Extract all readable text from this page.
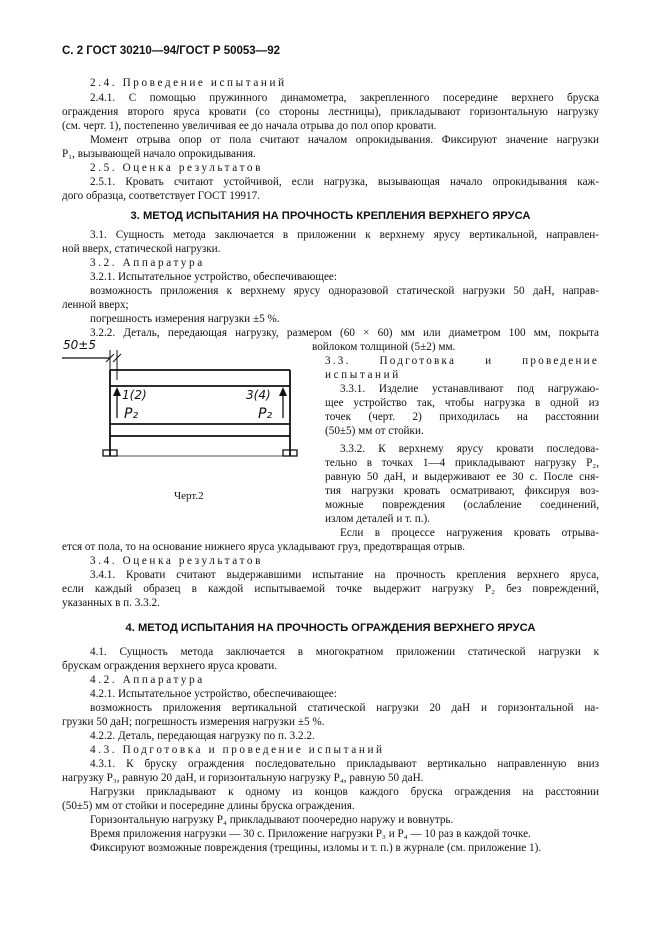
С. 2 ГОСТ 30210—94/ГОСТ Р 50053—92
2.4. Проведение испытаний
2.4.1. С помощью пружинного динамометра, закрепленного посередине верхнего бруска
ограждения второго яруса кровати (со стороны лестницы), прикладывают горизонтальную нагрузку
(см. черт. 1), постепенно увеличивая ее до начала отрыва до пол опор кровати.
Момент отрыва опор от пола считают началом опрокидывания. Фиксируют значение нагрузки
P₁, вызывающей начало опрокидывания.
2.5. Оценка результатов
2.5.1. Кровать считают устойчивой, если нагрузка, вызывающая начало опрокидывания каж-
дого образца, соответствует ГОСТ 19917.
3. МЕТОД ИСПЫТАНИЯ НА ПРОЧНОСТЬ КРЕПЛЕНИЯ ВЕРХНЕГО ЯРУСА
3.1. Сущность метода заключается в приложении к верхнему ярусу вертикальной, направлен-
ной вверх, статической нагрузки.
3.2. Аппаратура
3.2.1. Испытательное устройство, обеспечивающее:
возможность приложения к верхнему ярусу одноразовой статической нагрузки 50 даН, направ-
ленной вверх;
погрешность измерения нагрузки ±5 %.
3.2.2. Деталь, передающая нагрузку, размером (60 × 60) мм или диаметром 100 мм, покрыта
войлоком толщиной (5±2) мм.
3.3. Подготовка и проведение
испытаний
3.3.1. Изделие устанавливают под нагружаю-
щее устройство так, чтобы нагрузка в одной из
точек (черт. 2) приходилась на расстоянии
(50±5) мм от стойки.
3.3.2. К верхнему ярусу кровати последова-
тельно в точках 1—4 прикладывают нагрузку P₂,
равную 50 даН, и выдерживают ее 30 с. После сня-
тия нагрузки кровать осматривают, фиксируя воз-
можные повреждения (ослабление соединений,
излом деталей и т. п.).
Если в процессе нагружения кровать отрыва-
ется от пола, то на основание нижнего яруса укладывают груз, предотвращая отрыв.
3.4. Оценка результатов
3.4.1. Кровати считают выдержавшими испытание на прочность крепления верхнего яруса,
если каждый образец в каждой испытываемой точке выдержит нагрузку P₂ без повреждений,
указанных в п. 3.3.2.
4. МЕТОД ИСПЫТАНИЯ НА ПРОЧНОСТЬ ОГРАЖДЕНИЯ ВЕРХНЕГО ЯРУСА
4.1. Сущность метода заключается в многократном приложении статической нагрузки к
брускам ограждения верхнего яруса кровати.
4.2. Аппаратура
4.2.1. Испытательное устройство, обеспечивающее:
возможность приложения вертикальной статической нагрузки 20 даН и горизонтальной на-
грузки 50 даН; погрешность измерения нагрузки ±5 %.
4.2.2. Деталь, передающая нагрузку по п. 3.2.2.
4.3. Подготовка и проведение испытаний
4.3.1. К бруску ограждения последовательно прикладывают вертикально направленную вниз
нагрузку P₃, равную 20 даН, и горизонтальную нагрузку P₄, равную 50 даН.
Нагрузки прикладывают к одному из концов каждого бруска ограждения на расстоянии
(50±5) мм от стойки и посередине длины бруска ограждения.
Горизонтальную нагрузку P₄ прикладывают поочередно наружу и вовнутрь.
Время приложения нагрузки — 30 с. Приложение нагрузки P₃ и P₄ — 10 раз в каждой точке.
Фиксируют возможные повреждения (трещины, изломы и т. п.) в журнале (см. приложение 1).
50±5
1(2)	3(4)
P₂	P₂
Черт.2
